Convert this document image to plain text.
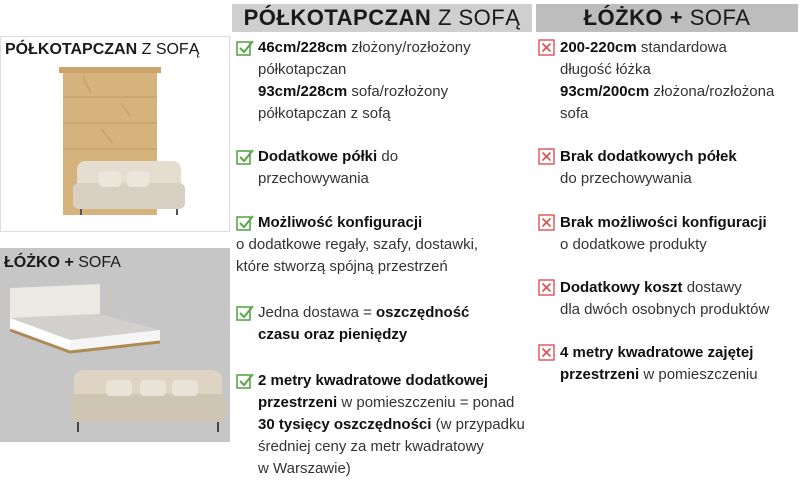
PÓŁKOTAPCZAN Z SOFĄ	ŁÓŻKO + SOFA
PÓŁKOTAPCZAN Z SOFĄ
ŁÓŻKO + SOFA
46cm/228cm złożony/rozłożony
półkotapczan
93cm/228cm sofa/rozłożony
półkotapczan z sofą
Dodatkowe półki do
przechowywania
Możliwość konfiguracji
o dodatkowe regały, szafy, dostawki,
które stworzą spójną przestrzeń
Jedna dostawa = oszczędność
czasu oraz pieniędzy
2 metry kwadratowe dodatkowej
przestrzeni w pomieszczeniu = ponad
30 tysięcy oszczędności (w przypadku
średniej ceny za metr kwadratowy
w Warszawie)
200-220cm standardowa
długość łóżka
93cm/200cm złożona/rozłożona
sofa
Brak dodatkowych półek
do przechowywania
Brak możliwości konfiguracji
o dodatkowe produkty
Dodatkowy koszt dostawy
dla dwóch osobnych produktów
4 metry kwadratowe zajętej
przestrzeni w pomieszczeniu
